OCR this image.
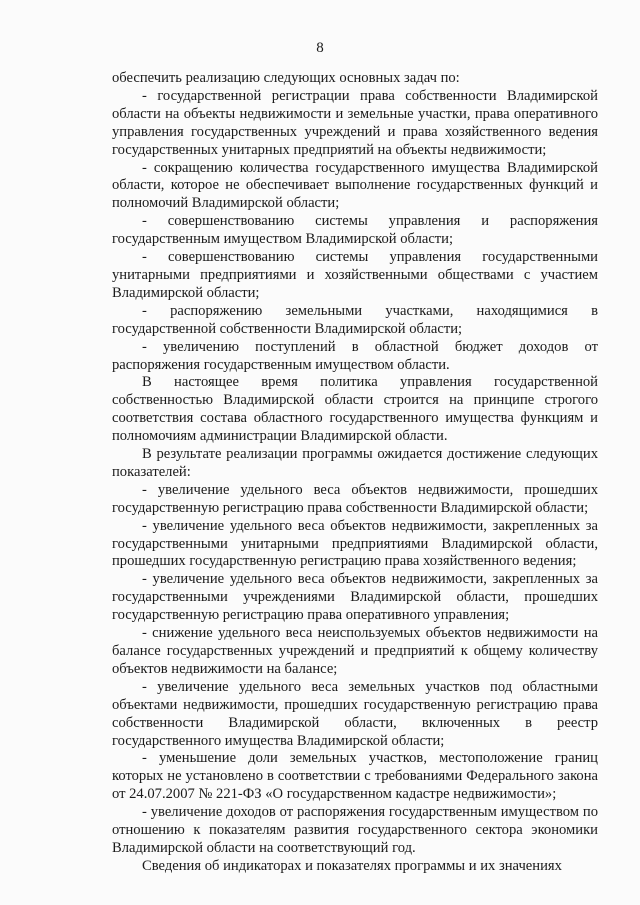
8

обеспечить реализацию следующих основных задач по:

- государственной регистрации права собственности Владимирской области на объекты недвижимости и земельные участки, права оперативного управления государственных учреждений и права хозяйственного ведения государственных унитарных предприятий на объекты недвижимости;

- сокращению количества государственного имущества Владимирской области, которое не обеспечивает выполнение государственных функций и полномочий Владимирской области;

- совершенствованию системы управления и распоряжения государственным имуществом Владимирской области;

- совершенствованию системы управления государственными унитарными предприятиями и хозяйственными обществами с участием Владимирской области;

- распоряжению земельными участками, находящимися в государственной собственности Владимирской области;

- увеличению поступлений в областной бюджет доходов от распоряжения государственным имуществом области.

В настоящее время политика управления государственной собственностью Владимирской области строится на принципе строгого соответствия состава областного государственного имущества функциям и полномочиям администрации Владимирской области.

В результате реализации программы ожидается достижение следующих показателей:

- увеличение удельного веса объектов недвижимости, прошедших государственную регистрацию права собственности Владимирской области;

- увеличение удельного веса объектов недвижимости, закрепленных за государственными унитарными предприятиями Владимирской области, прошедших государственную регистрацию права хозяйственного ведения;

- увеличение удельного веса объектов недвижимости, закрепленных за государственными учреждениями Владимирской области, прошедших государственную регистрацию права оперативного управления;

- снижение удельного веса неиспользуемых объектов недвижимости на балансе государственных учреждений и предприятий к общему количеству объектов недвижимости на балансе;

- увеличение удельного веса земельных участков под областными объектами недвижимости, прошедших государственную регистрацию права собственности Владимирской области, включенных в реестр государственного имущества Владимирской области;

- уменьшение доли земельных участков, местоположение границ которых не установлено в соответствии с требованиями Федерального закона от 24.07.2007 № 221-ФЗ «О государственном кадастре недвижимости»;

- увеличение доходов от распоряжения государственным имуществом по отношению к показателям развития государственного сектора экономики Владимирской области на соответствующий год.

Сведения об индикаторах и показателях программы и их значениях
